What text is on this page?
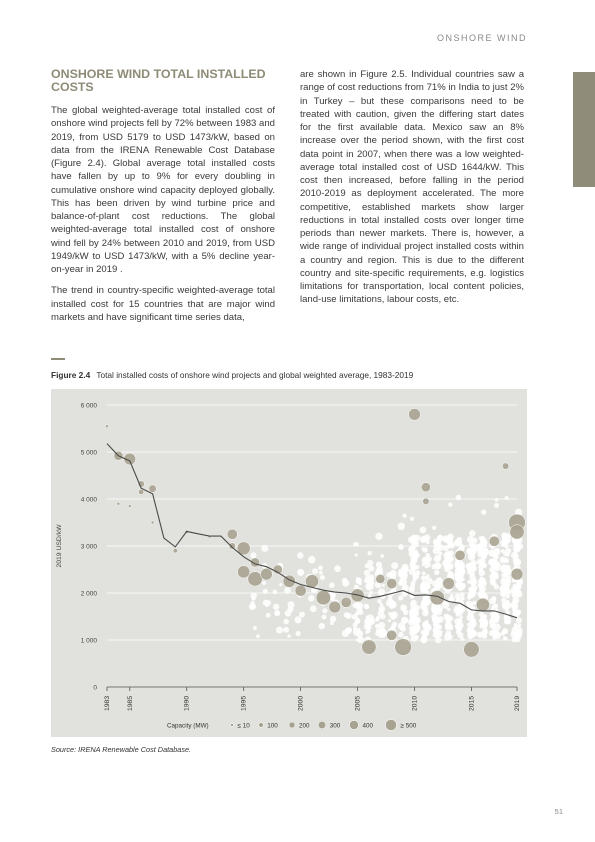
ONSHORE WIND
ONSHORE WIND TOTAL INSTALLED COSTS

The global weighted-average total installed cost of onshore wind projects fell by 72% between 1983 and 2019, from USD 5179 to USD 1473/kW, based on data from the IRENA Renewable Cost Database (Figure 2.4). Global average total installed costs have fallen by up to 9% for every doubling in cumulative onshore wind capacity deployed globally. This has been driven by wind turbine price and balance-of-plant cost reductions. The global weighted-average total installed cost of onshore wind fell by 24% between 2010 and 2019, from USD 1949/kW to USD 1473/kW, with a 5% decline year-on-year in 2019 .

The trend in country-specific weighted-average total installed cost for 15 countries that are major wind markets and have significant time series data,

are shown in Figure 2.5. Individual countries saw a range of cost reductions from 71% in India to just 2% in Turkey – but these comparisons need to be treated with caution, given the differing start dates for the first available data. Mexico saw an 8% increase over the period shown, with the first cost data point in 2007, when there was a low weighted-average total installed cost of USD 1644/kW. This cost then increased, before falling in the period 2010-2019 as deployment accelerated. The more competitive, established markets show larger reductions in total installed costs over longer time periods than newer markets. There is, however, a wide range of individual project installed costs within a country and region. This is due to the different country and site-specific requirements, e.g. logistics limitations for transportation, local content policies, land-use limitations, labour costs, etc.

Figure 2.4 Total installed costs of onshore wind projects and global weighted average, 1983-2019
0
1 000
2 000
3 000
4 000
5 000
6 000
2019 USD/kW
1983 1985	1990	1995	2000	2005	2010	2015	2019
Capacity (MW)	≤ 10	100	200	300	400	≥ 500
Source: IRENA Renewable Cost Database.
51
